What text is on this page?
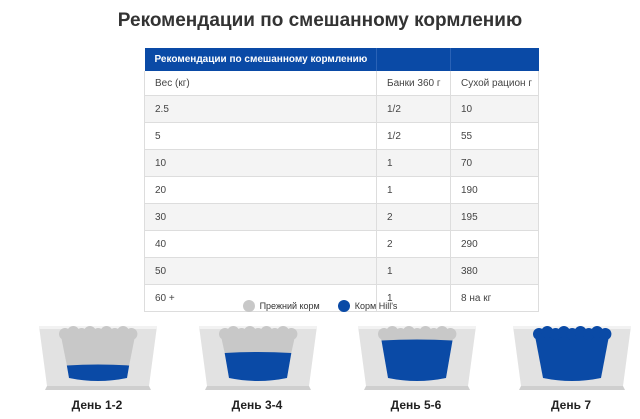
Рекомендации по смешанному кормлению
Рекомендации по смешанному кормлению		
Вес (кг)	Банки 360 г	Сухой рацион г
2.5	1/2	10
5	1/2	55
10	1	70
20	1	190
30	2	195
40	2	290
50	1	380
60 +	1	8 на кг
Прежний корм	Корм Hill's
День 1-2	День 3-4	День 5-6	День 7
